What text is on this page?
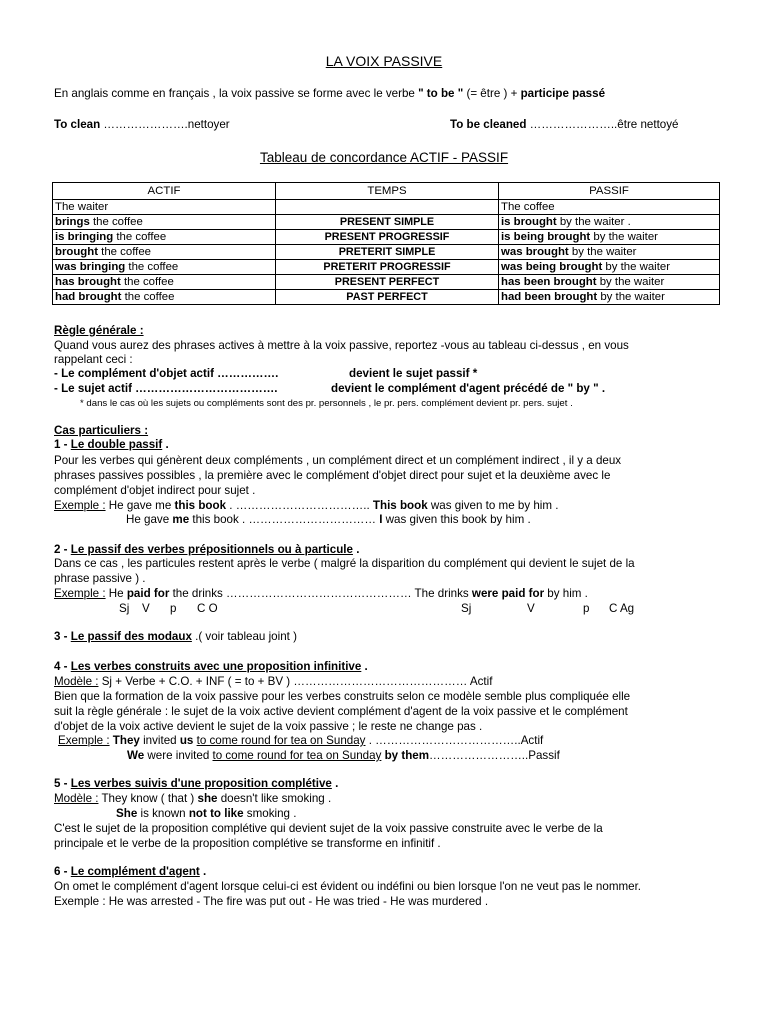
LA VOIX PASSIVE
En anglais comme en français , la voix passive se forme avec le verbe " to be " (= être ) + participe passé
To clean ………………….nettoyer	To be cleaned …………………..être nettoyé
Tableau de concordance ACTIF - PASSIF
ACTIF	TEMPS	PASSIF
The waiter		The coffee
brings the coffee	PRESENT SIMPLE	is brought by the waiter .
is bringing the coffee	PRESENT PROGRESSIF	is being brought by the waiter
brought the coffee	PRETERIT SIMPLE	was brought by the waiter
was bringing the coffee	PRETERIT PROGRESSIF	was being brought by the waiter
has brought the coffee	PRESENT PERFECT	has been brought by the waiter
had brought the coffee	PAST PERFECT	had been brought by the waiter
Règle générale :
Quand vous aurez des phrases actives à mettre à la voix passive, reportez -vous au tableau ci-dessus , en vous
rappelant ceci :
- Le complément d'objet actif …………….	devient le sujet passif *
- Le sujet actif ……………………………….	devient le complément d'agent précédé de " by " .
* dans le cas où les sujets ou compléments sont des pr. personnels , le pr. pers. complément devient pr. pers. sujet .
Cas particuliers :
1 - Le double passif .
Pour les verbes qui génèrent deux compléments , un complément direct et un complément indirect , il y a deux
phrases passives possibles , la première avec le complément d'objet direct pour sujet et la deuxième avec le
complément d'objet indirect pour sujet .
Exemple : He gave me this book . …………………………….. This book was given to me by him .
He gave me this book . …………………………… I was given this book by him .
2 - Le passif des verbes prépositionnels ou à particule .
Dans ce cas , les particules restent après le verbe ( malgré la disparition du complément qui devient le sujet de la
phrase passive ) .
Exemple : He paid for the drinks ………………………………………… The drinks were paid for by him .
Sj V p C O	Sj	V	p C Ag
3 - Le passif des modaux .( voir tableau joint )
4 - Les verbes construits avec une proposition infinitive .
Modèle : Sj + Verbe + C.O. + INF ( = to + BV ) ……………………………………… Actif
Bien que la formation de la voix passive pour les verbes construits selon ce modèle semble plus compliquée elle
suit la règle générale : le sujet de la voix active devient complément d'agent de la voix passive et le complément
d'objet de la voix active devient le sujet de la voix passive ; le reste ne change pas .
Exemple : They invited us to come round for tea on Sunday . ………………………………..Actif
We were invited to come round for tea on Sunday by them……………………..Passif
5 - Les verbes suivis d'une proposition complétive .
Modèle : They know ( that ) she doesn't like smoking .
She is known not to like smoking .
C'est le sujet de la proposition complétive qui devient sujet de la voix passive construite avec le verbe de la
principale et le verbe de la proposition complétive se transforme en infinitif .
6 - Le complément d'agent .
On omet le complément d'agent lorsque celui-ci est évident ou indéfini ou bien lorsque l'on ne veut pas le nommer.
Exemple : He was arrested - The fire was put out - He was tried - He was murdered .
